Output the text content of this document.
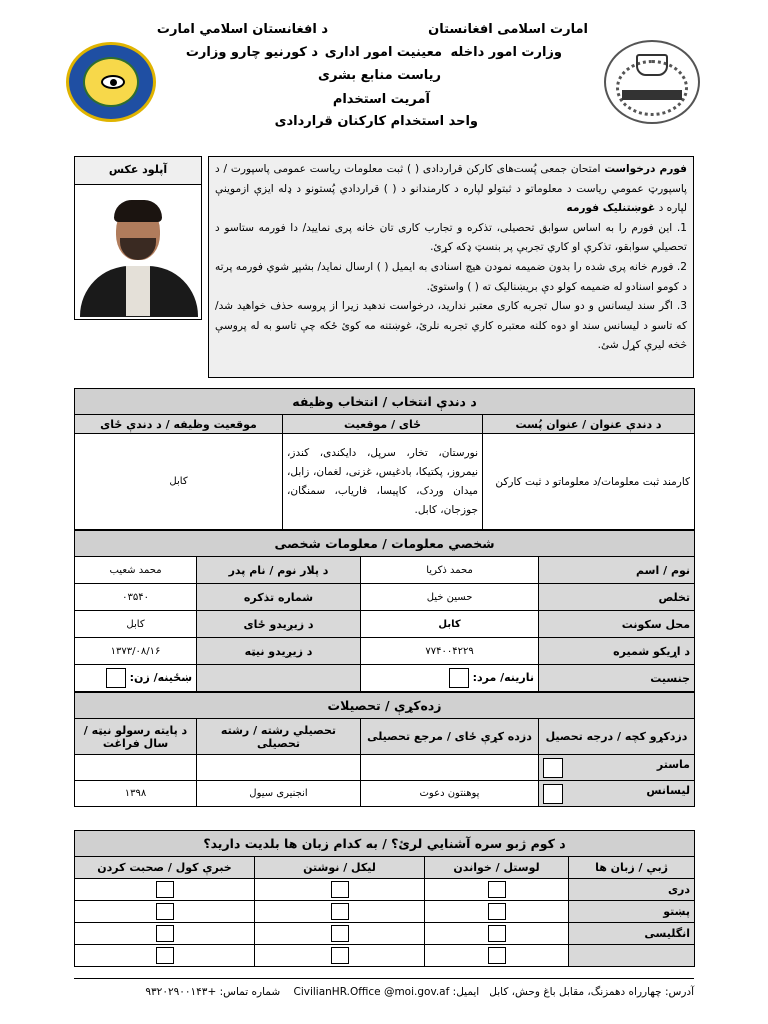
د افغانستان اسلامي امارت	امارت اسلامی افغانستان
د کورنيو چارو وزارت معینیت امور اداری وزارت امور داخله
ریاست منابع بشری
آمریت استخدام
واحد استخدام کارکنان قراردادی
آپلود عکس	فورم درخواست امتحان جمعی پُست‌های کارکن قراردادی ( ) ثبت معلومات ریاست عمومی پاسپورت / د پاسپورټ عمومي ریاست د معلوماتو د ثبتولو لپاره د کارمندانو د ( ) قراردادي پُستونو د ډله ایزې ازموینې لپاره د غوښتنلیک فورمه

1. این فورم را به اساس سوابق تحصیلی، تذکره و تجارب کاری تان خانه پری نمایید/ دا فورمه ستاسو د تحصیلي سوابقو، تذکرې او کاري تجربې پر بنسټ ډکه کړئ.

2. فورم خانه پری شده را بدون ضمیمه نمودن هیچ اسنادی به ایمیل ( ) ارسال نماید/ بشپړ شوي فورمه پرته د کومو اسنادو له ضمیمه کولو دې بریښنالیک ته ( ) واستوئ.

3. اگر سند لیسانس و دو سال تجربه کاری معتبر ندارید، درخواست ندهید زیرا از پروسه حذف خواهید شد/ که تاسو د لیسانس سند او دوه کلنه معتبره کاري تجربه نلرئ، غوښتنه مه کوئ ځکه چې تاسو به له پروسې څخه لیرې کړل شئ.

د دندې انتخاب / انتخاب وظیفه		
د دندې عنوان / عنوان پُست	ځای / موقعیت	موقعیت وظیفه / د دندې ځای
کارمند ثبت معلومات/د معلوماتو د ثبت کارکن	نورستان، تخار، سرپل، دایکندی، کندز، نیمروز، پکتیکا، بادغیس، غزنی، لغمان، زابل، میدان وردک، کاپیسا، فاریاب، سمنگان، جوزجان، کابل.	کابل
شخصي معلومات / معلومات شخصی			
نوم / اسم	محمد ذکریا	د پلار نوم / نام پدر	محمد شعیب
تخلص	حسین خیل	شماره تذکره	۰۳۵۴۰
محل سکونت	کابل	د زیږیدو ځای	کابل
د اړیکو شمیره	۷۷۴۰۰۴۲۲۹	د زیږیدو نیټه	۱۳۷۳/۰۸/۱۶
جنسیت	نارینه/ مرد:		ښځینه/ زن:
زده‌کړې / تحصیلات			
دزدکړو کچه / درجه تحصیل	دزده کړې ځای / مرجع تحصیلی	تحصیلي رشته / رشته تحصیلی	د پایته رسولو نیټه / سال فراغت

ماستر			

لیسانس	پوهنتون دعوت	انجنیری سیول	۱۳۹۸
د کوم ژبو سره آشنایي لرئ؟ / به کدام زبان ها بلدیت دارید؟			
ژبې / زبان ها	لوستل / خواندن	لیکل / نوشتن	خبرې کول / صحبت کردن
دری			
پښتو			
انگلیسی			

آدرس: چهارراه دهمزنگ، مقابل باغ وحش، کابل   ایمیل: CivilianHR.Office @moi.gov.af    شماره تماس: +۹۳۲۰۲۹۰۰۱۴۳
